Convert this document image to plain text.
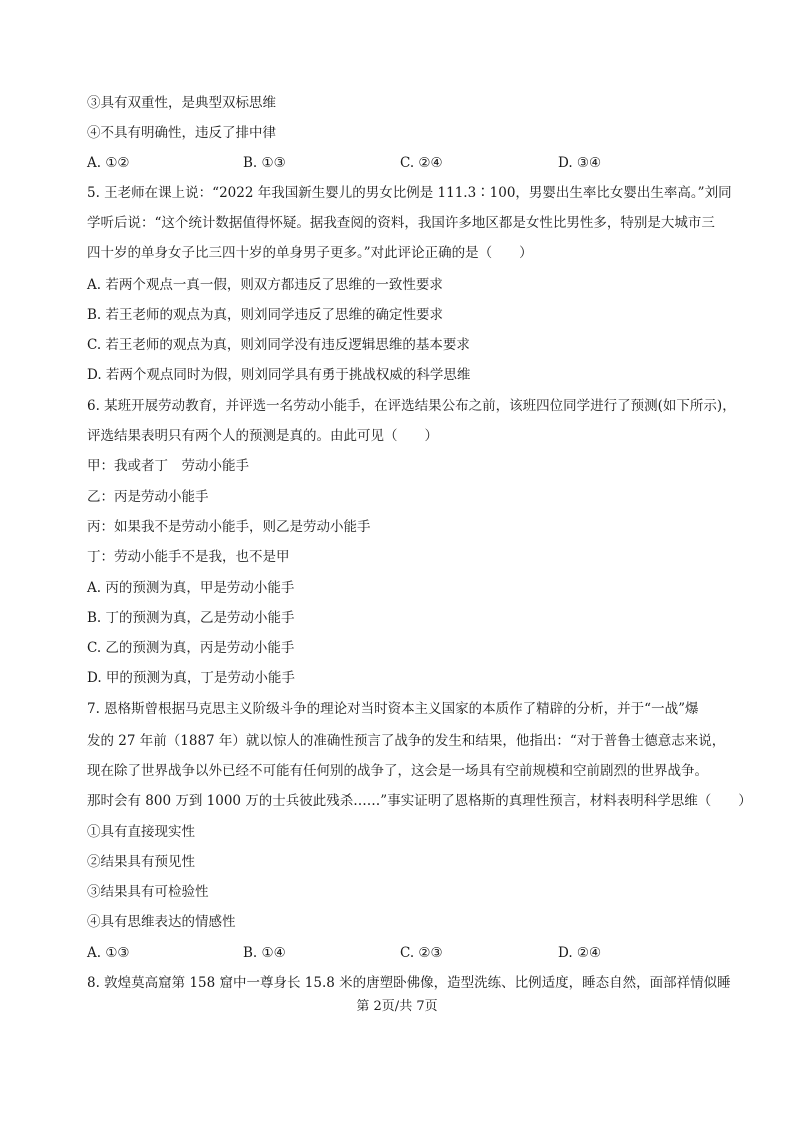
③具有双重性，是典型双标思维
④不具有明确性，违反了排中律
A. ①②	B. ①③	C. ②④	D. ③④
5. 王老师在课上说：“2022 年我国新生婴儿的男女比例是 111.3∶100，男婴出生率比女婴出生率高。”刘同
学听后说：“这个统计数据值得怀疑。据我查阅的资料，我国许多地区都是女性比男性多，特别是大城市三
四十岁的单身女子比三四十岁的单身男子更多。”对此评论正确的是（　　）
A. 若两个观点一真一假，则双方都违反了思维的一致性要求
B. 若王老师的观点为真，则刘同学违反了思维的确定性要求
C. 若王老师的观点为真，则刘同学没有违反逻辑思维的基本要求
D. 若两个观点同时为假，则刘同学具有勇于挑战权威的科学思维
6. 某班开展劳动教育，并评选一名劳动小能手，在评选结果公布之前，该班四位同学进行了预测(如下所示)，
评选结果表明只有两个人的预测是真的。由此可见（　　）
甲：我或者丁　劳动小能手
乙：丙是劳动小能手
丙：如果我不是劳动小能手，则乙是劳动小能手
丁：劳动小能手不是我，也不是甲
A. 丙的预测为真，甲是劳动小能手
B. 丁的预测为真，乙是劳动小能手
C. 乙的预测为真，丙是劳动小能手
D. 甲的预测为真，丁是劳动小能手
7. 恩格斯曾根据马克思主义阶级斗争的理论对当时资本主义国家的本质作了精辟的分析，并于“一战”爆
发的 27 年前（1887 年）就以惊人的准确性预言了战争的发生和结果，他指出：“对于普鲁士德意志来说，
现在除了世界战争以外已经不可能有任何别的战争了，这会是一场具有空前规模和空前剧烈的世界战争。
那时会有 800 万到 1000 万的士兵彼此残杀……”事实证明了恩格斯的真理性预言，材料表明科学思维（　　）
①具有直接现实性
②结果具有预见性
③结果具有可检验性
④具有思维表达的情感性
A. ①③	B. ①④	C. ②③	D. ②④
8. 敦煌莫高窟第 158 窟中一尊身长 15.8 米的唐塑卧佛像，造型洗练、比例适度，睡态自然，面部祥情似睡
第 2页/共 7页
